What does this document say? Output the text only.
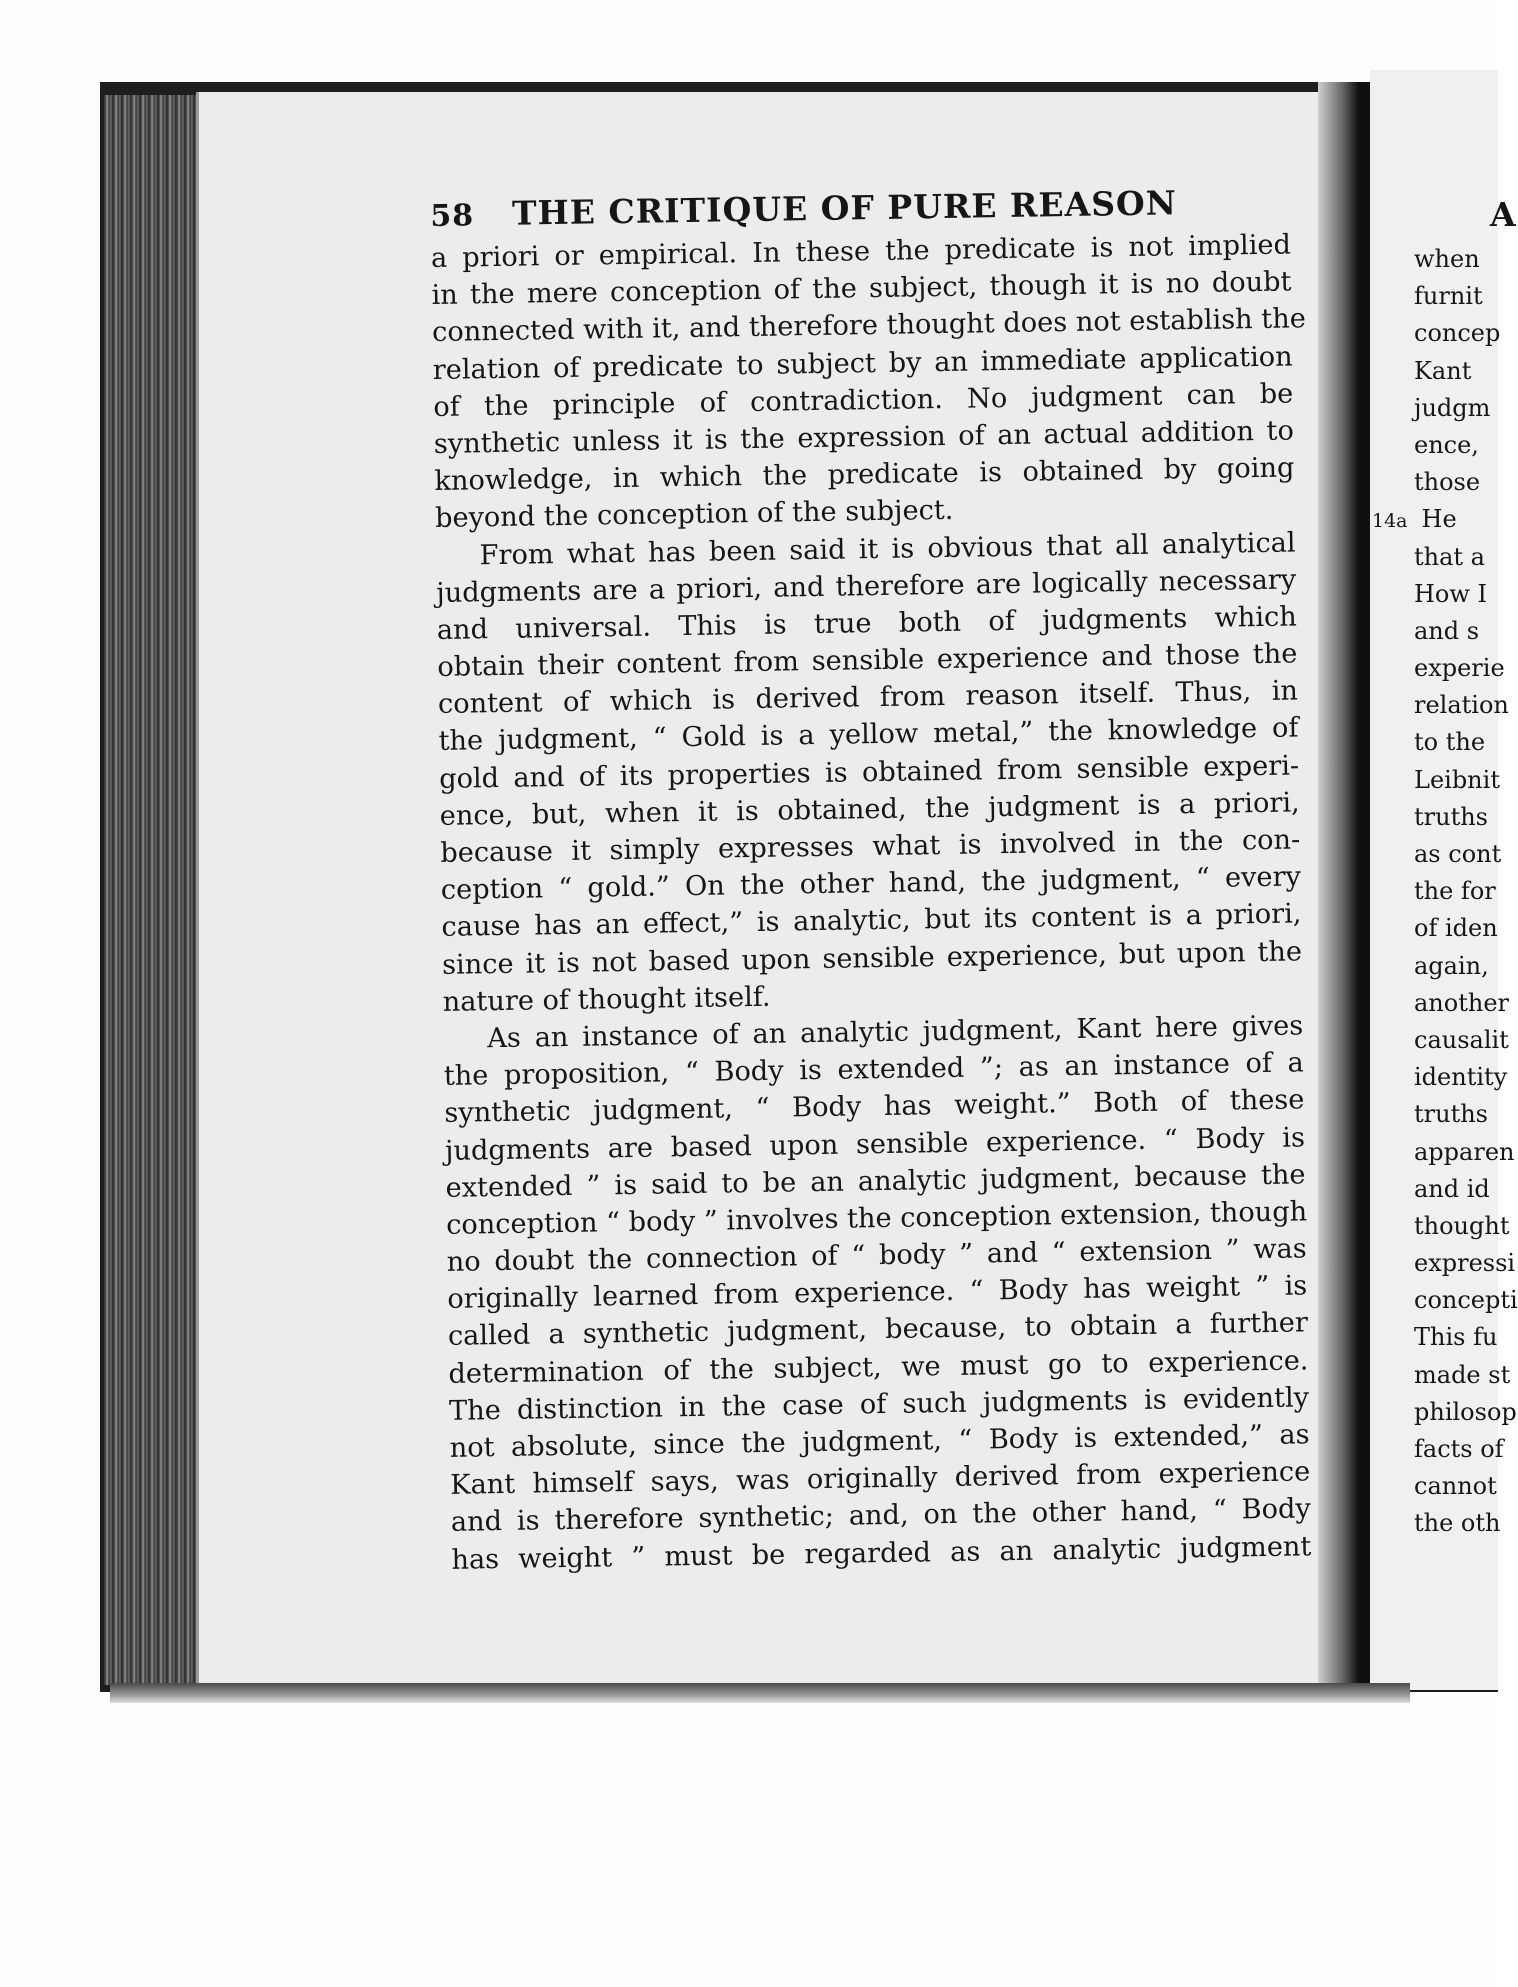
58 THE CRITIQUE OF PURE REASON
a priori or empirical. In these the predicate is not implied
in the mere conception of the subject, though it is no doubt
connected with it, and therefore thought does not establish the
relation of predicate to subject by an immediate application
of the principle of contradiction. No judgment can be
synthetic unless it is the expression of an actual addition to
knowledge, in which the predicate is obtained by going
beyond the conception of the subject.
From what has been said it is obvious that all analytical
judgments are a priori, and therefore are logically necessary
and universal. This is true both of judgments which
obtain their content from sensible experience and those the
content of which is derived from reason itself. Thus, in
the judgment, “ Gold is a yellow metal,” the knowledge of
gold and of its properties is obtained from sensible experi-
ence, but, when it is obtained, the judgment is a priori,
because it simply expresses what is involved in the con-
ception “ gold.” On the other hand, the judgment, “ every
cause has an effect,” is analytic, but its content is a priori,
since it is not based upon sensible experience, but upon the
nature of thought itself.
As an instance of an analytic judgment, Kant here gives
the proposition, “ Body is extended ”; as an instance of a
synthetic judgment, “ Body has weight.” Both of these
judgments are based upon sensible experience. “ Body is
extended ” is said to be an analytic judgment, because the
conception “ body ” involves the conception extension, though
no doubt the connection of “ body ” and “ extension ” was
originally learned from experience. “ Body has weight ” is
called a synthetic judgment, because, to obtain a further
determination of the subject, we must go to experience.
The distinction in the case of such judgments is evidently
not absolute, since the judgment, “ Body is extended,” as
Kant himself says, was originally derived from experience
and is therefore synthetic; and, on the other hand, “ Body
has weight ” must be regarded as an analytic judgment
A
when
furnit
concep
Kant
judgm
ence,
those
14a He
that a
How I
and s
experie
relation
to the
Leibnit
truths
as cont
the for
of iden
again,
another
causalit
identity
truths
apparen
and id
thought
expressi
concepti
This fu
made st
philosop
facts of
cannot
the oth
